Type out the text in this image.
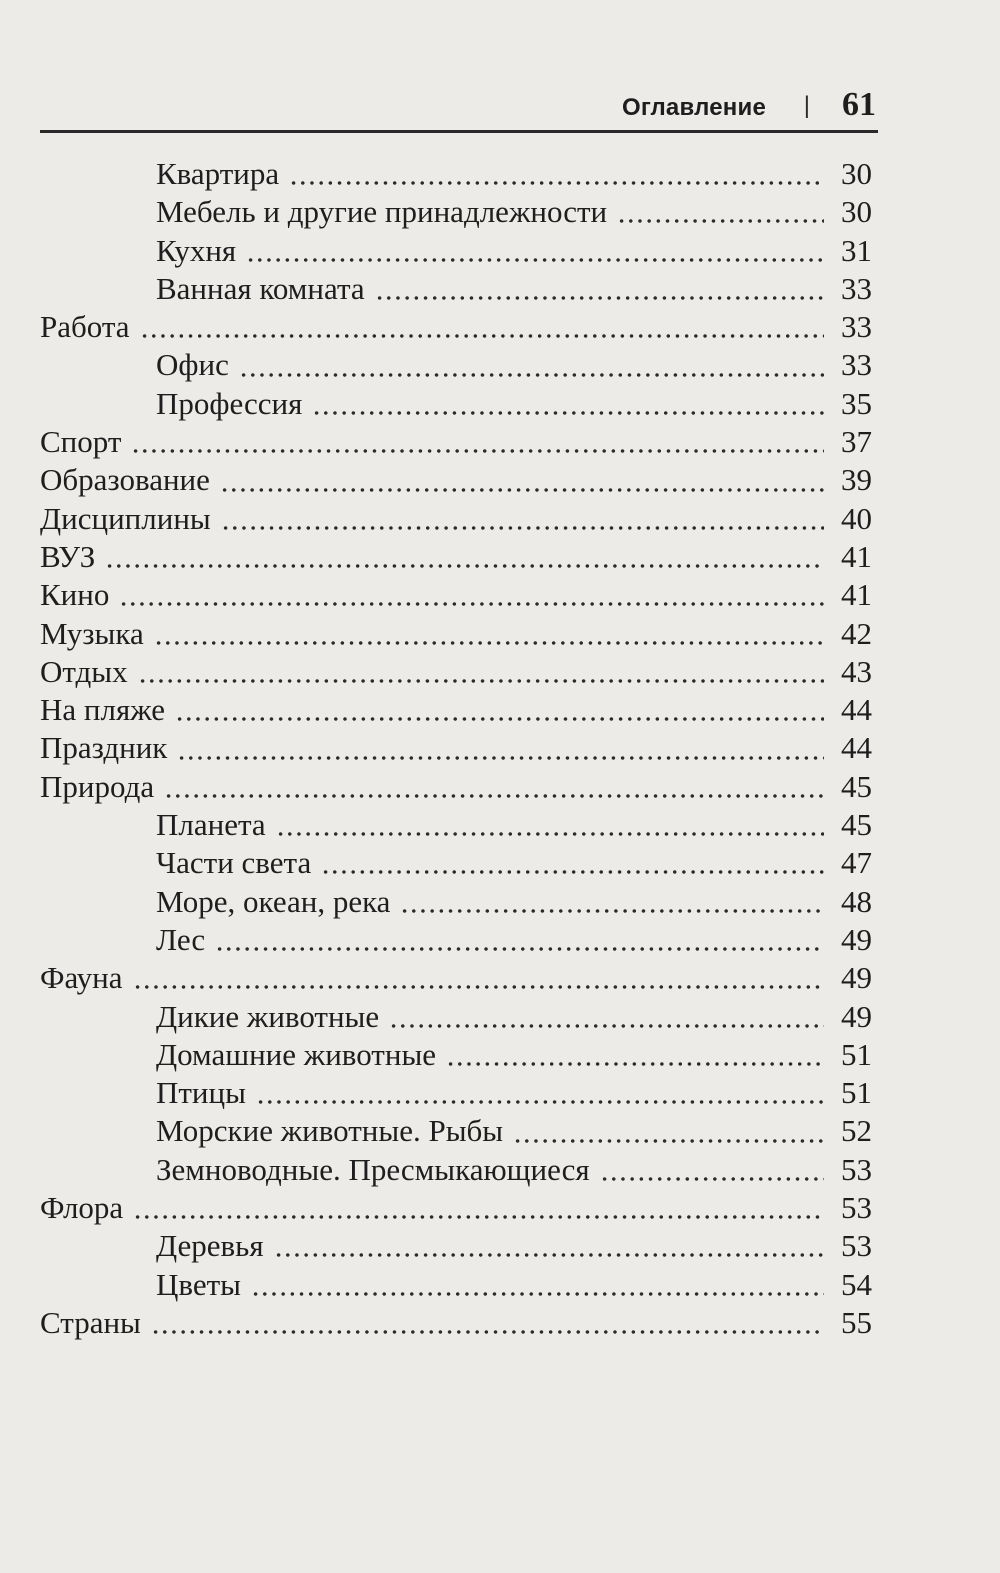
Оглавление | 61
Квартира	30
Мебель и другие принадлежности	30
Кухня	31
Ванная комната	33
Работа	33
Офис	33
Профессия	35
Спорт	37
Образование	39
Дисциплины	40
ВУЗ	41
Кино	41
Музыка	42
Отдых	43
На пляже	44
Праздник	44
Природа	45
Планета	45
Части света	47
Море, океан, река	48
Лес	49
Фауна	49
Дикие животные	49
Домашние животные	51
Птицы	51
Морские животные. Рыбы	52
Земноводные. Пресмыкающиеся	53
Флора	53
Деревья	53
Цветы	54
Страны	55
